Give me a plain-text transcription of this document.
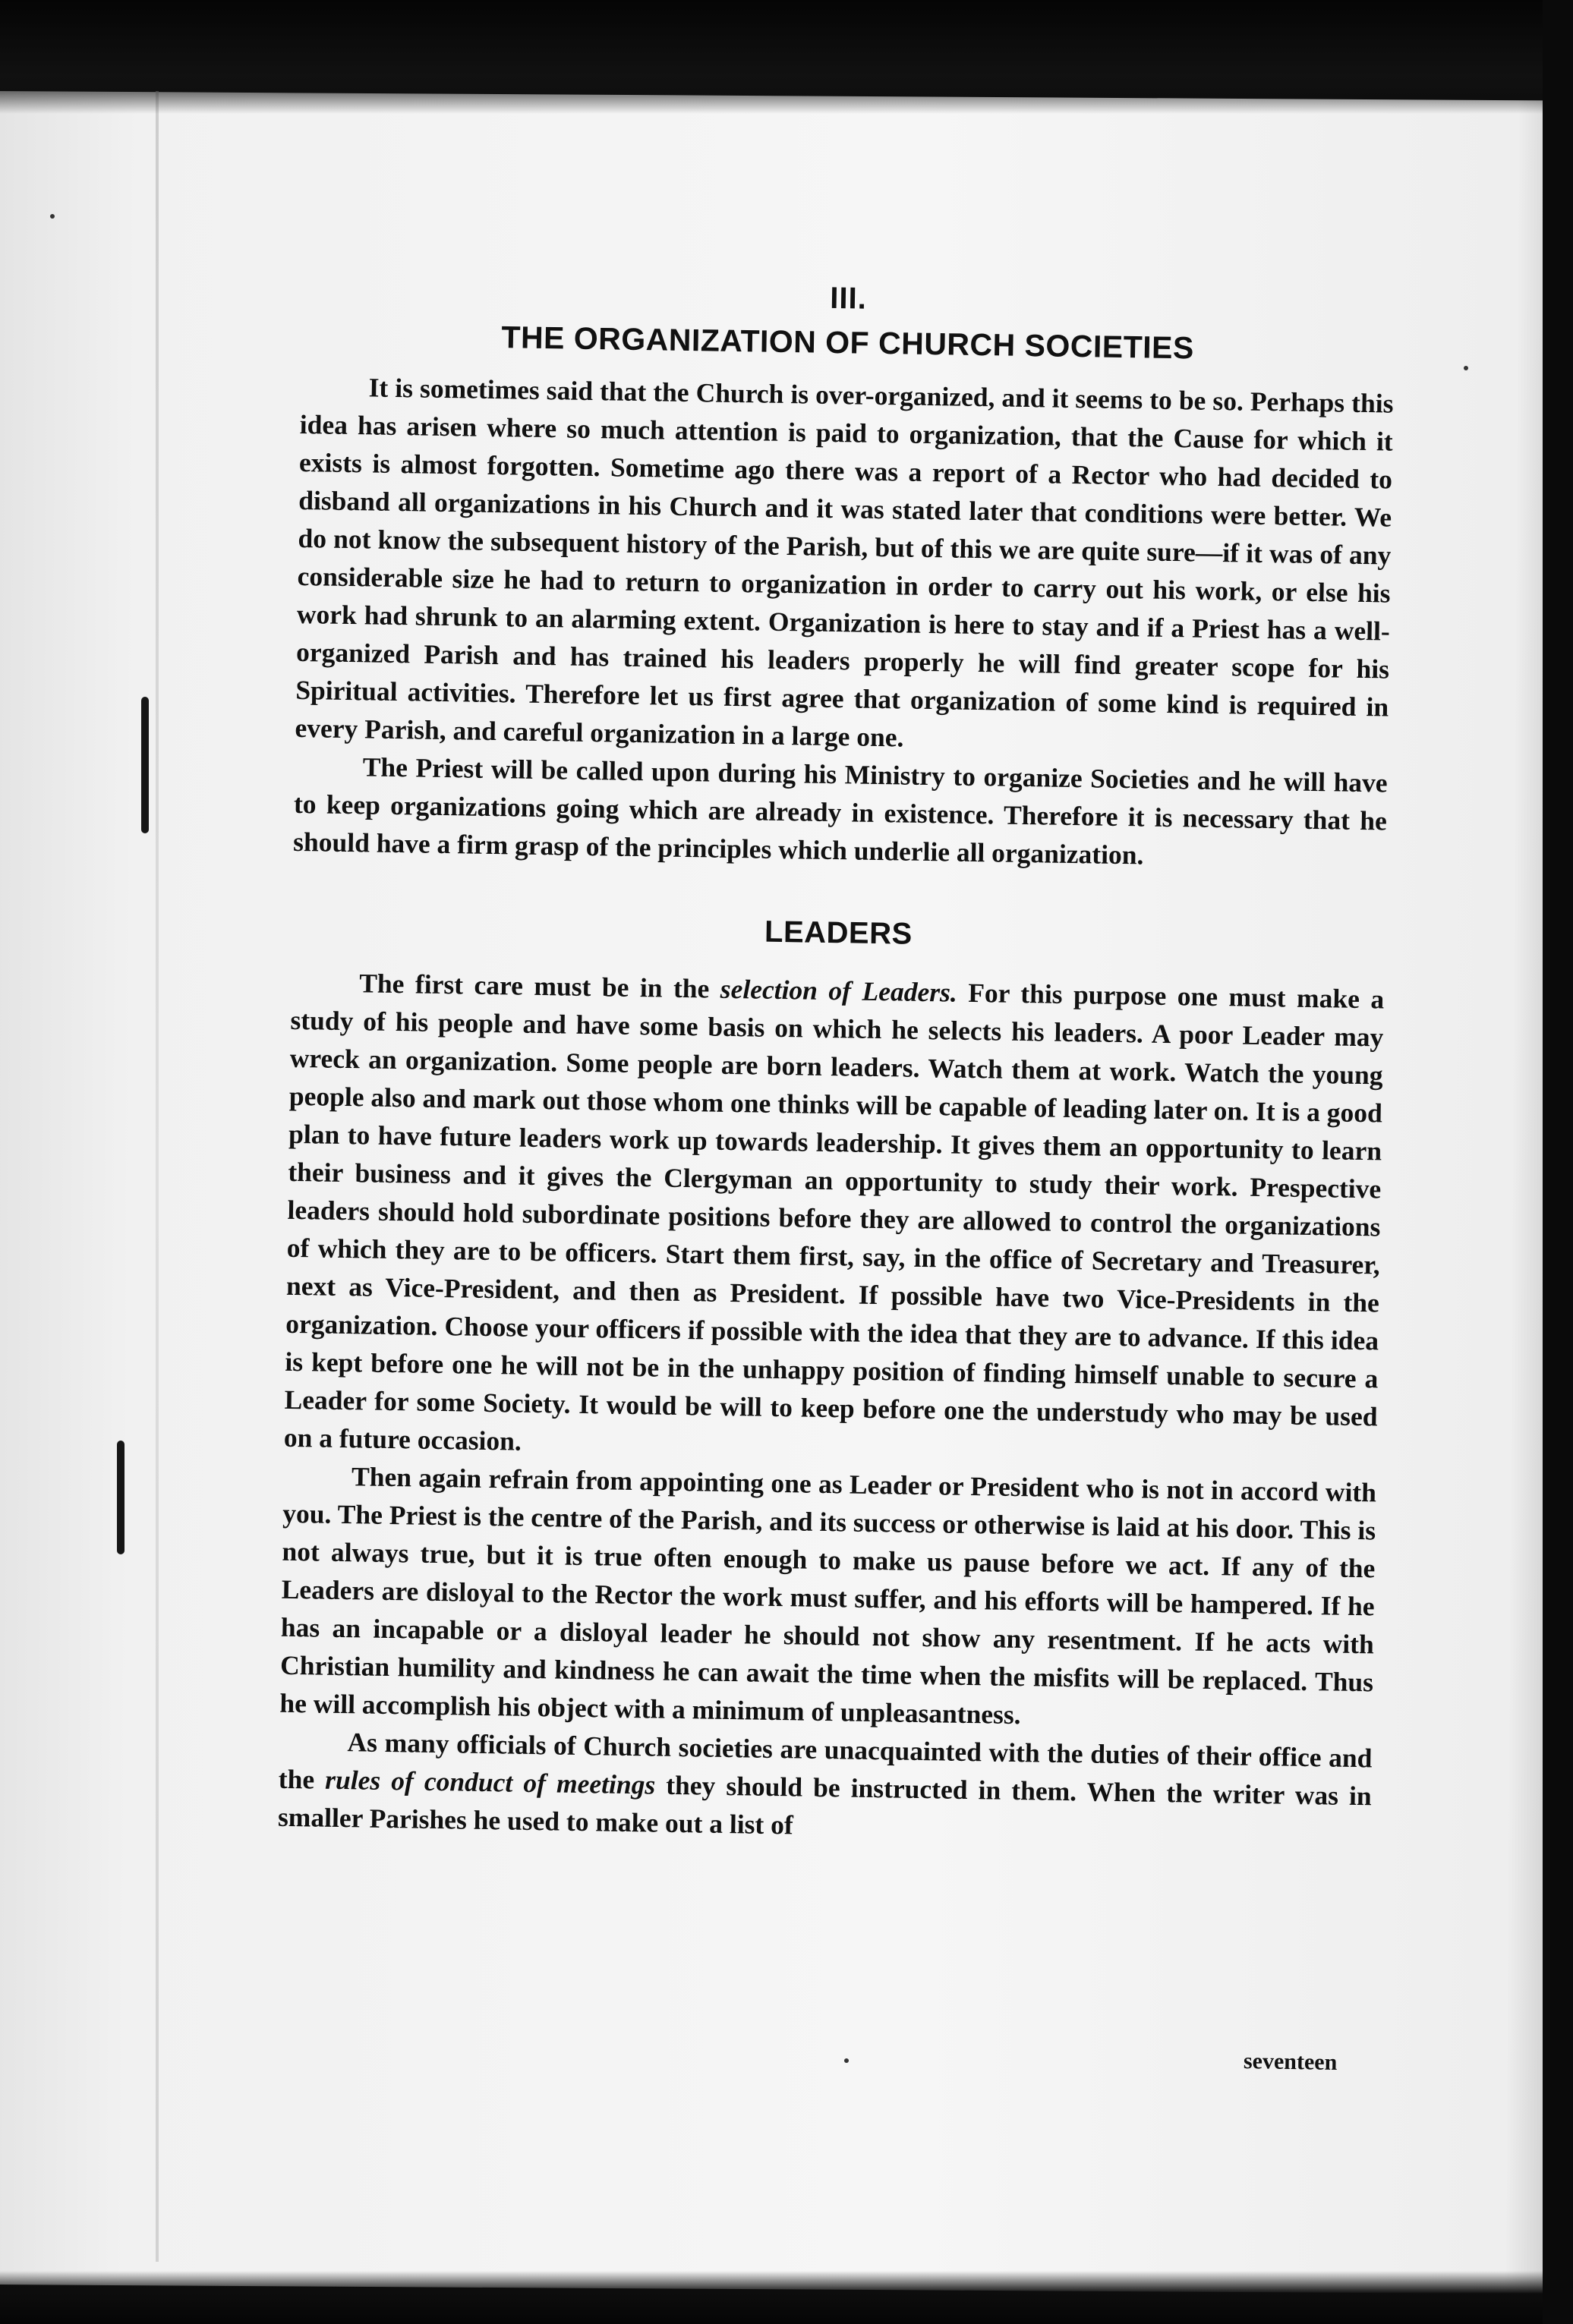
III.
THE ORGANIZATION OF CHURCH SOCIETIES

It is sometimes said that the Church is over-organized, and it seems to be so. Perhaps this idea has arisen where so much attention is paid to organization, that the Cause for which it exists is almost forgotten. Sometime ago there was a report of a Rector who had decided to disband all organizations in his Church and it was stated later that conditions were better. We do not know the subsequent history of the Parish, but of this we are quite sure—if it was of any considerable size he had to return to organization in order to carry out his work, or else his work had shrunk to an alarming extent. Organization is here to stay and if a Priest has a well-organized Parish and has trained his leaders properly he will find greater scope for his Spiritual activities. Therefore let us first agree that organization of some kind is required in every Parish, and careful organization in a large one.

The Priest will be called upon during his Ministry to organize Societies and he will have to keep organizations going which are already in existence. Therefore it is necessary that he should have a firm grasp of the principles which underlie all organization.

LEADERS

The first care must be in the selection of Leaders. For this purpose one must make a study of his people and have some basis on which he selects his leaders. A poor Leader may wreck an organization. Some people are born leaders. Watch them at work. Watch the young people also and mark out those whom one thinks will be capable of leading later on. It is a good plan to have future leaders work up towards leadership. It gives them an opportunity to learn their business and it gives the Clergyman an opportunity to study their work. Prespective leaders should hold subordinate positions before they are allowed to control the organizations of which they are to be officers. Start them first, say, in the office of Secretary and Treasurer, next as Vice-President, and then as President. If possible have two Vice-Presidents in the organization. Choose your officers if possible with the idea that they are to advance. If this idea is kept before one he will not be in the unhappy position of finding himself unable to secure a Leader for some Society. It would be will to keep before one the understudy who may be used on a future occasion.

Then again refrain from appointing one as Leader or President who is not in accord with you. The Priest is the centre of the Parish, and its success or otherwise is laid at his door. This is not always true, but it is true often enough to make us pause before we act. If any of the Leaders are disloyal to the Rector the work must suffer, and his efforts will be hampered. If he has an incapable or a disloyal leader he should not show any resentment. If he acts with Christian humility and kindness he can await the time when the misfits will be replaced. Thus he will accomplish his object with a minimum of unpleasantness.

As many officials of Church societies are unacquainted with the duties of their office and the rules of conduct of meetings they should be instructed in them. When the writer was in smaller Parishes he used to make out a list of

seventeen
